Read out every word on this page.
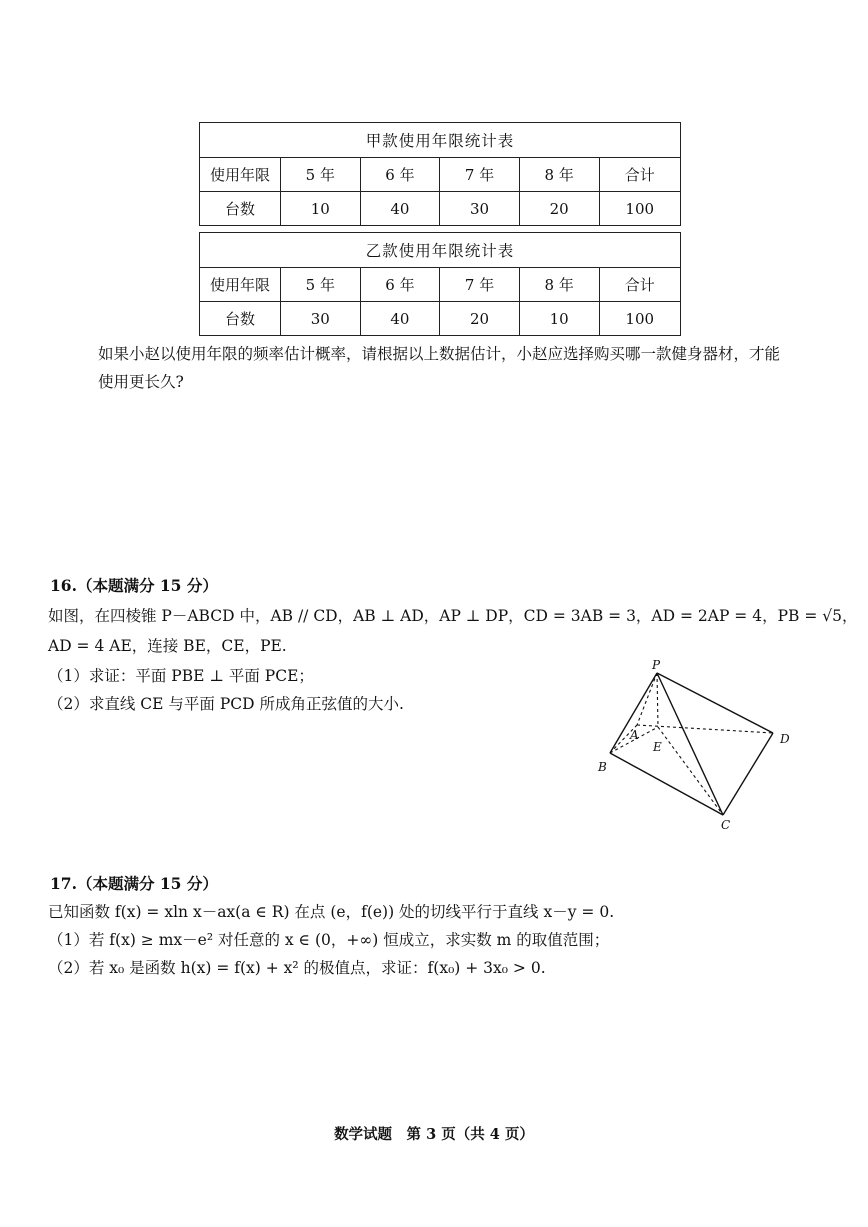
甲款使用年限统计表					
使用年限	5 年	6 年	7 年	8 年	合计
台数	10	40	30	20	100
乙款使用年限统计表					
使用年限	5 年	6 年	7 年	8 年	合计
台数	30	40	20	10	100
如果小赵以使用年限的频率估计概率，请根据以上数据估计，小赵应选择购买哪一款健身器材，才能
使用更长久?
16.（本题满分 15 分）
如图，在四棱锥 P－ABCD 中，AB // CD，AB ⊥ AD，AP ⊥ DP，CD = 3AB = 3，AD = 2AP = 4，PB = √5，
AD = 4 AE，连接 BE，CE，PE.
（1）求证：平面 PBE ⊥ 平面 PCE；
（2）求直线 CE 与平面 PCD 所成角正弦值的大小.
P
A
B
C
D
E
17.（本题满分 15 分）
已知函数 f(x) = xln x－ax(a ∈ R) 在点 (e，f(e)) 处的切线平行于直线 x－y = 0.
（1）若 f(x) ≥ mx－e² 对任意的 x ∈ (0，+∞) 恒成立，求实数 m 的取值范围；
（2）若 x₀ 是函数 h(x) = f(x) + x² 的极值点，求证：f(x₀) + 3x₀ > 0.
数学试题　第 3 页（共 4 页）
